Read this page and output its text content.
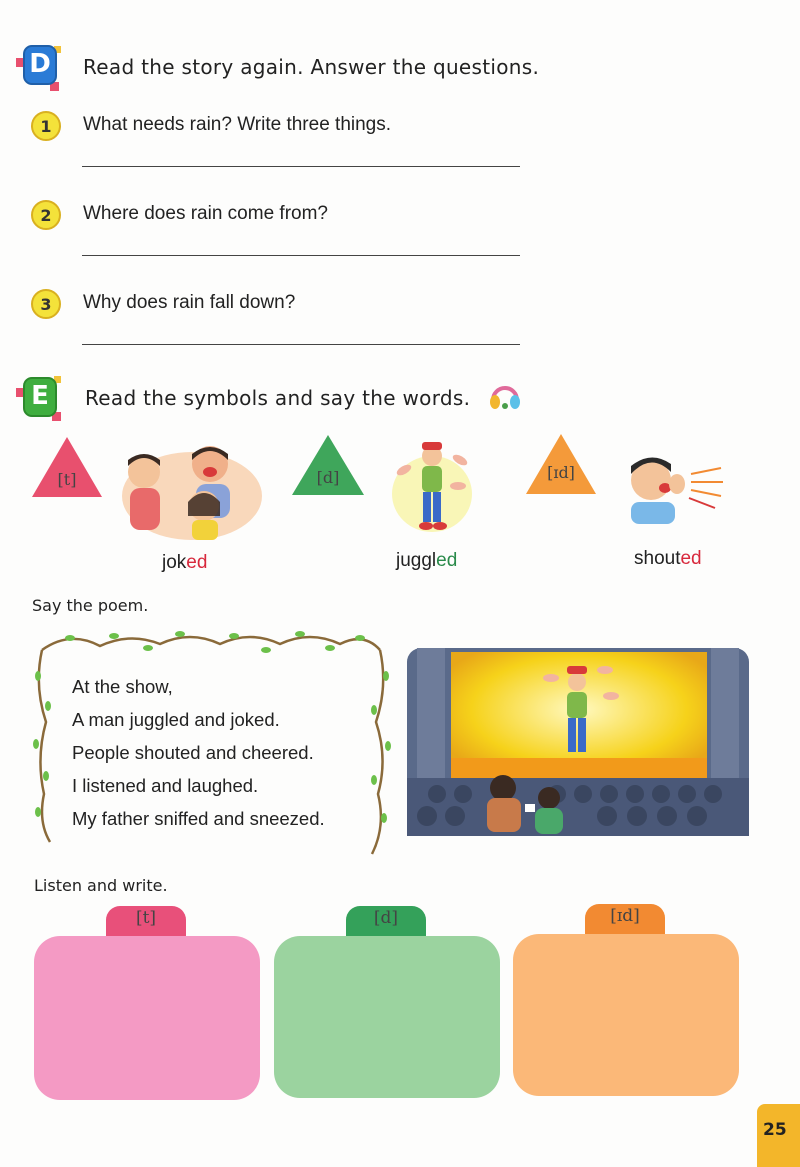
D Read the story again. Answer the questions.
1	What needs rain? Write three things.
2	Where does rain come from?
3	Why does rain fall down?
E	Read the symbols and say the words.
[t]	[d]	[ɪd]
joked	juggled	shouted
Say the poem.
At the show,
A man juggled and joked.
People shouted and cheered.
I listened and laughed.
My father sniffed and sneezed.
Listen and write.
[t]	[d]	[ɪd]
25
